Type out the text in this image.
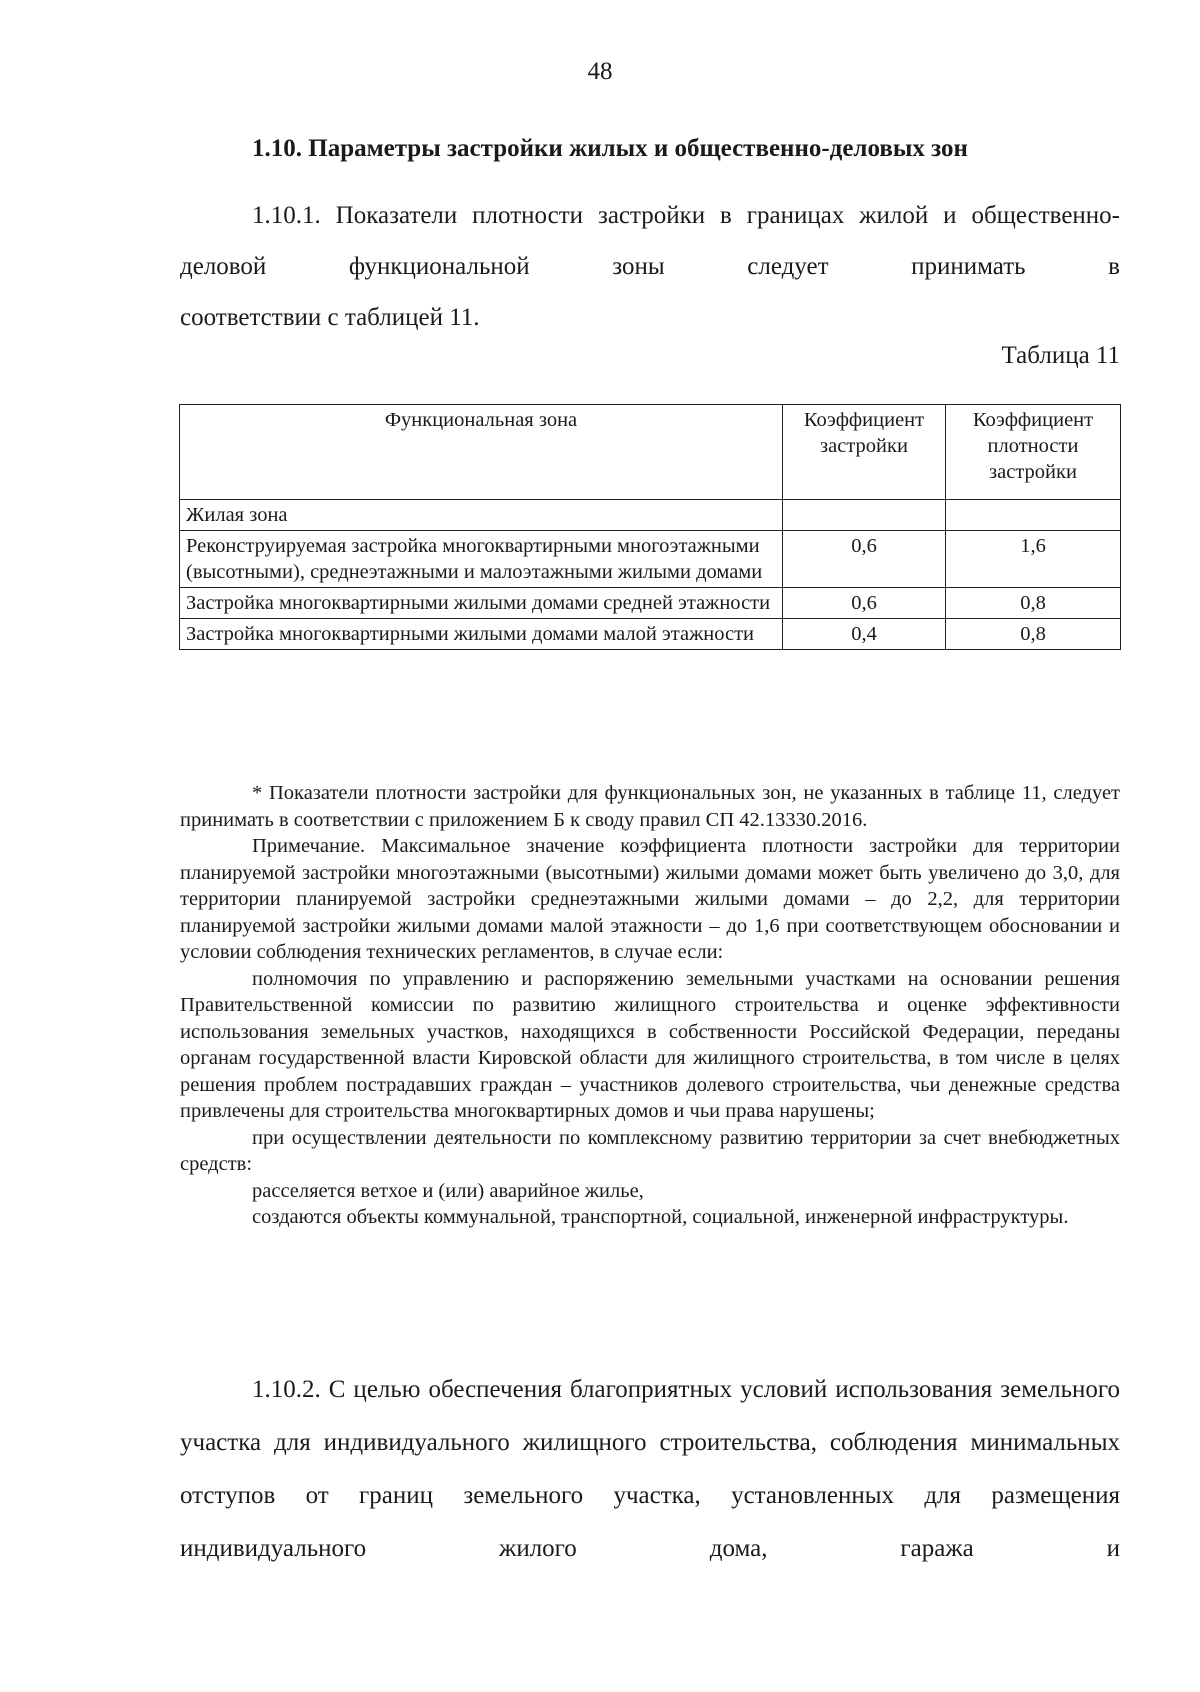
48
1.10. Параметры застройки жилых и общественно-деловых зон
1.10.1. Показатели плотности застройки в границах жилой и общественно-деловой функциональной зоны следует принимать в
соответствии с таблицей 11.
Таблица 11
Функциональная зона	Коэффициент застройки	Коэффициент плотности застройки
Жилая зона		
Реконструируемая застройка многоквартирными многоэтажными (высотными), среднеэтажными и малоэтажными жилыми домами	0,6	1,6
Застройка многоквартирными жилыми домами средней этажности	0,6	0,8
Застройка многоквартирными жилыми домами малой этажности	0,4	0,8

* Показатели плотности застройки для функциональных зон, не указанных в таблице 11, следует принимать в соответствии с приложением Б к своду правил СП 42.13330.2016.

Примечание. Максимальное значение коэффициента плотности застройки для территории планируемой застройки многоэтажными (высотными) жилыми домами может быть увеличено до 3,0, для территории планируемой застройки среднеэтажными жилыми домами – до 2,2, для территории планируемой застройки жилыми домами малой этажности – до 1,6 при соответствующем обосновании и условии соблюдения технических регламентов, в случае если:

полномочия по управлению и распоряжению земельными участками на основании решения Правительственной комиссии по развитию жилищного строительства и оценке эффективности использования земельных участков, находящихся в собственности Российской Федерации, переданы органам государственной власти Кировской области для жилищного строительства, в том числе в целях решения проблем пострадавших граждан – участников долевого строительства, чьи денежные средства привлечены для строительства многоквартирных домов и чьи права нарушены;

при осуществлении деятельности по комплексному развитию территории за счет внебюджетных средств:

расселяется ветхое и (или) аварийное жилье,

создаются объекты коммунальной, транспортной, социальной, инженерной инфраструктуры.

1.10.2. С целью обеспечения благоприятных условий использования земельного участка для индивидуального жилищного строительства, соблюдения минимальных отступов от границ земельного участка, установленных для размещения индивидуального жилого дома, гаража и
